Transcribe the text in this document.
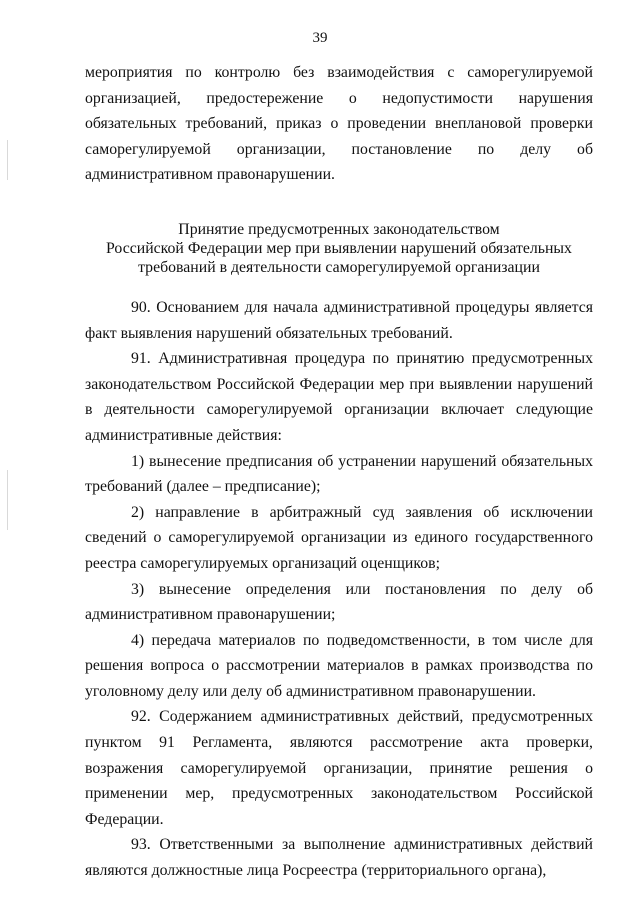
39

мероприятия по контролю без взаимодействия с саморегулируемой организацией, предостережение о недопустимости нарушения обязательных требований, приказ о проведении внеплановой проверки саморегулируемой организации, постановление по делу об административном правонарушении.

Принятие предусмотренных законодательством
Российской Федерации мер при выявлении нарушений обязательных
требований в деятельности саморегулируемой организации

90. Основанием для начала административной процедуры является факт выявления нарушений обязательных требований.

91. Административная процедура по принятию предусмотренных законодательством Российской Федерации мер при выявлении нарушений в деятельности саморегулируемой организации включает следующие административные действия:

1) вынесение предписания об устранении нарушений обязательных требований (далее – предписание);

2) направление в арбитражный суд заявления об исключении сведений о саморегулируемой организации из единого государственного реестра саморегулируемых организаций оценщиков;

3) вынесение определения или постановления по делу об административном правонарушении;

4) передача материалов по подведомственности, в том числе для решения вопроса о рассмотрении материалов в рамках производства по уголовному делу или делу об административном правонарушении.

92. Содержанием административных действий, предусмотренных пунктом 91 Регламента, являются рассмотрение акта проверки, возражения саморегулируемой организации, принятие решения о применении мер, предусмотренных законодательством Российской Федерации.

93. Ответственными за выполнение административных действий являются должностные лица Росреестра (территориального органа),
